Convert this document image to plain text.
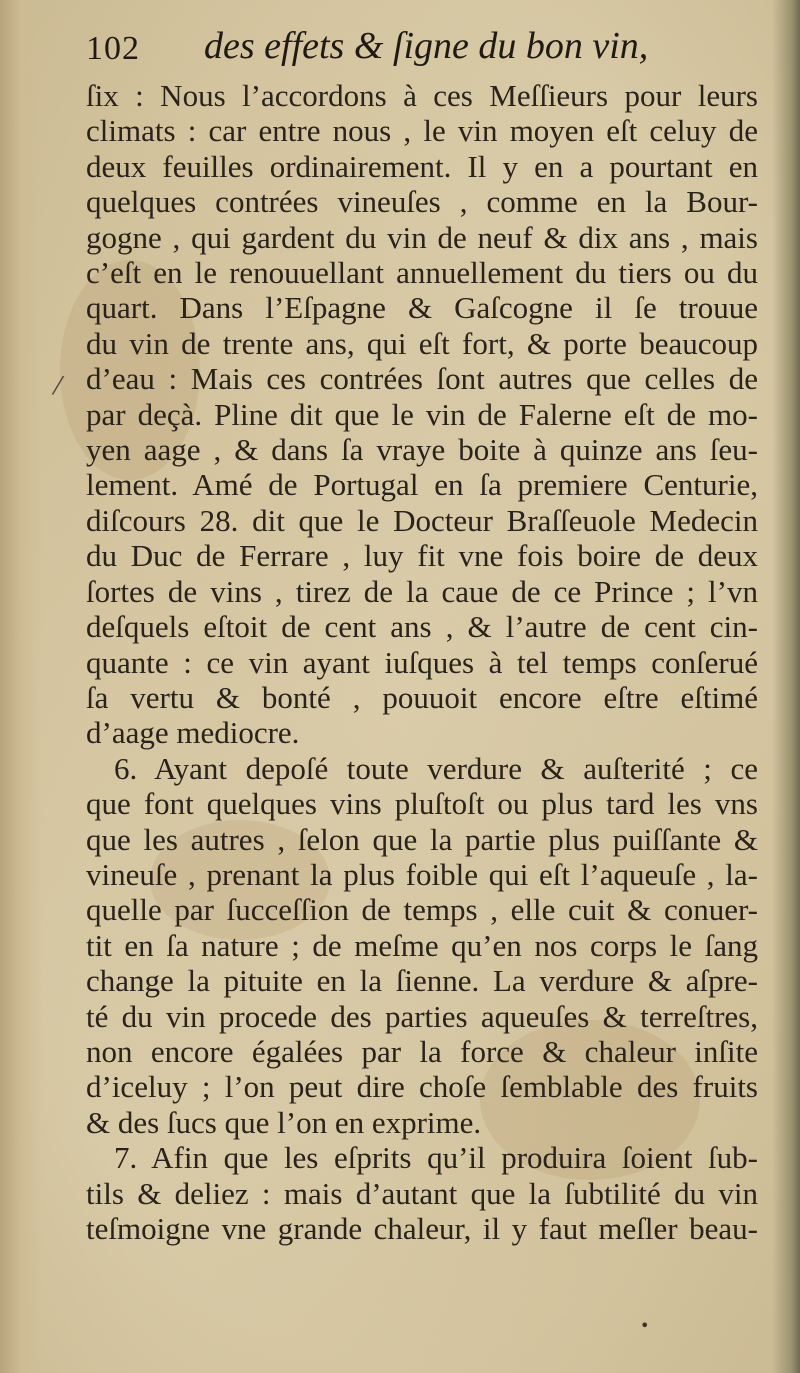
102 des effets & ſigne du bon vin,
⁄
ſix : Nous l’accordons à ces Meſſieurs pour leurs
climats : car entre nous , le vin moyen eſt celuy de
deux feuilles ordinairement. Il y en a pourtant en
quelques contrées vineuſes , comme en la Bour-
gogne , qui gardent du vin de neuf & dix ans , mais
c’eſt en le renouuellant annuellement du tiers ou du
quart. Dans l’Eſpagne & Gaſcogne il ſe trouue
du vin de trente ans, qui eſt fort, & porte beaucoup
d’eau : Mais ces contrées ſont autres que celles de
par deçà. Pline dit que le vin de Falerne eſt de mo-
yen aage , & dans ſa vraye boite à quinze ans ſeu-
lement. Amé de Portugal en ſa premiere Centurie,
diſcours 28. dit que le Docteur Braſſeuole Medecin
du Duc de Ferrare , luy fit vne fois boire de deux
ſortes de vins , tirez de la caue de ce Prince ; l’vn
deſquels eſtoit de cent ans , & l’autre de cent cin-
quante : ce vin ayant iuſques à tel temps conſerué
ſa vertu & bonté , pouuoit encore eſtre eſtimé
d’aage mediocre.
6. Ayant depoſé toute verdure & auſterité ; ce
que font quelques vins pluſtoſt ou plus tard les vns
que les autres , ſelon que la partie plus puiſſante &
vineuſe , prenant la plus foible qui eſt l’aqueuſe , la-
quelle par ſucceſſion de temps , elle cuit & conuer-
tit en ſa nature ; de meſme qu’en nos corps le ſang
change la pituite en la ſienne. La verdure & aſpre-
té du vin procede des parties aqueuſes & terreſtres,
non encore égalées par la force & chaleur inſite
d’iceluy ; l’on peut dire choſe ſemblable des fruits
& des ſucs que l’on en exprime.
7. Afin que les eſprits qu’il produira ſoient ſub-
tils & deliez : mais d’autant que la ſubtilité du vin
teſmoigne vne grande chaleur, il y faut meſler beau-
•
